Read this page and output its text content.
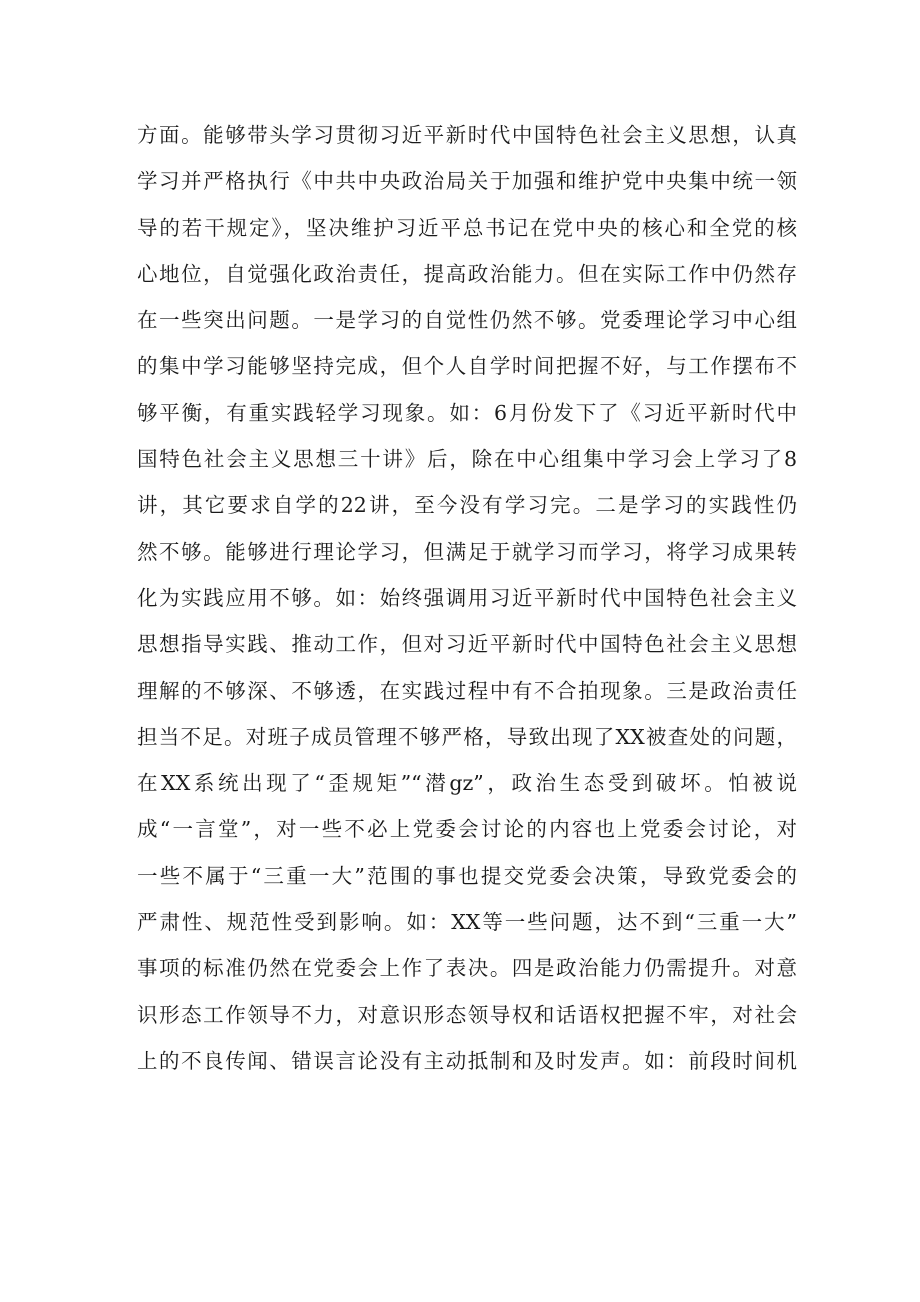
方面。能够带头学习贯彻习近平新时代中国特色社会主义思想，认真
学习并严格执行《中共中央政治局关于加强和维护党中央集中统一领
导的若干规定》，坚决维护习近平总书记在党中央的核心和全党的核
心地位，自觉强化政治责任，提高政治能力。但在实际工作中仍然存
在一些突出问题。一是学习的自觉性仍然不够。党委理论学习中心组
的集中学习能够坚持完成，但个人自学时间把握不好，与工作摆布不
够平衡，有重实践轻学习现象。如：6月份发下了《习近平新时代中
国特色社会主义思想三十讲》后，除在中心组集中学习会上学习了8
讲，其它要求自学的22讲，至今没有学习完。二是学习的实践性仍
然不够。能够进行理论学习，但满足于就学习而学习，将学习成果转
化为实践应用不够。如：始终强调用习近平新时代中国特色社会主义
思想指导实践、推动工作，但对习近平新时代中国特色社会主义思想
理解的不够深、不够透，在实践过程中有不合拍现象。三是政治责任
担当不足。对班子成员管理不够严格，导致出现了XX被查处的问题，
在XX系统出现了“歪规矩”“潜gz”，政治生态受到破坏。怕被说
成“一言堂”，对一些不必上党委会讨论的内容也上党委会讨论，对
一些不属于“三重一大”范围的事也提交党委会决策，导致党委会的
严肃性、规范性受到影响。如：XX等一些问题，达不到“三重一大”
事项的标准仍然在党委会上作了表决。四是政治能力仍需提升。对意
识形态工作领导不力，对意识形态领导权和话语权把握不牢，对社会
上的不良传闻、错误言论没有主动抵制和及时发声。如：前段时间机
